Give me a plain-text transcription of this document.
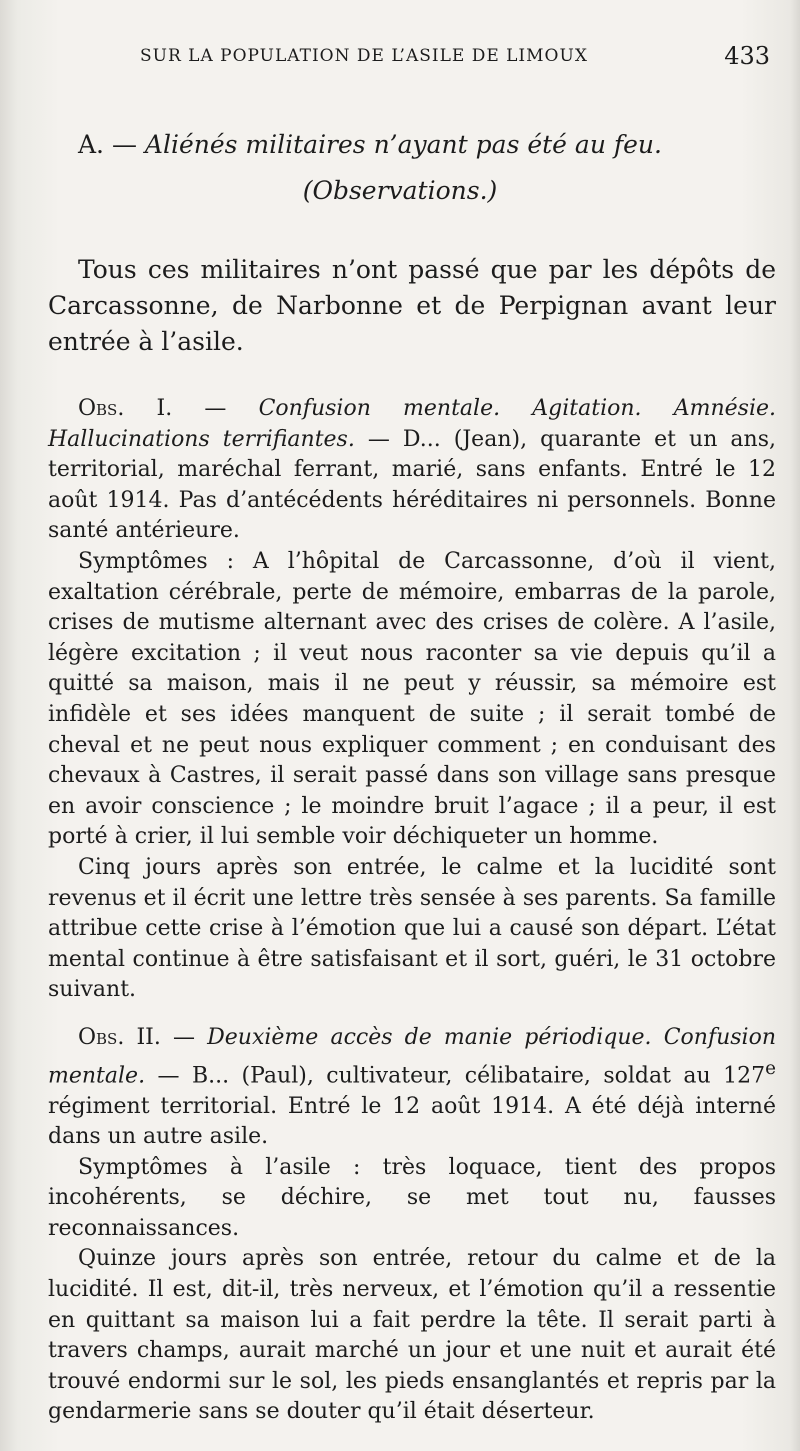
SUR LA POPULATION DE L’ASILE DE LIMOUX	433
A. — Aliénés militaires n’ayant pas été au feu.
(Observations.)

Tous ces militaires n’ont passé que par les dépôts de Carcassonne, de Narbonne et de Perpignan avant leur entrée à l’asile.

Obs. I. — Confusion mentale. Agitation. Amnésie. Hallucinations terrifiantes. — D... (Jean), quarante et un ans, territorial, maréchal ferrant, marié, sans enfants. Entré le 12 août 1914. Pas d’antécédents héréditaires ni personnels. Bonne santé antérieure.

Symptômes : A l’hôpital de Carcassonne, d’où il vient, exaltation cérébrale, perte de mémoire, embarras de la parole, crises de mutisme alternant avec des crises de colère. A l’asile, légère excitation ; il veut nous raconter sa vie depuis qu’il a quitté sa maison, mais il ne peut y réussir, sa mémoire est infidèle et ses idées manquent de suite ; il serait tombé de cheval et ne peut nous expliquer comment ; en conduisant des chevaux à Castres, il serait passé dans son village sans presque en avoir conscience ; le moindre bruit l’agace ; il a peur, il est porté à crier, il lui semble voir déchiqueter un homme.

Cinq jours après son entrée, le calme et la lucidité sont revenus et il écrit une lettre très sensée à ses parents. Sa famille attribue cette crise à l’émotion que lui a causé son départ. L’état mental continue à être satisfaisant et il sort, guéri, le 31 octobre suivant.

Obs. II. — Deuxième accès de manie périodique. Confusion mentale. — B... (Paul), cultivateur, célibataire, soldat au 127e régiment territorial. Entré le 12 août 1914. A été déjà interné dans un autre asile.

Symptômes à l’asile : très loquace, tient des propos incohérents, se déchire, se met tout nu, fausses reconnaissances.

Quinze jours après son entrée, retour du calme et de la lucidité. Il est, dit-il, très nerveux, et l’émotion qu’il a ressentie en quittant sa maison lui a fait perdre la tête. Il serait parti à travers champs, aurait marché un jour et une nuit et aurait été trouvé endormi sur le sol, les pieds ensanglantés et repris par la gendarmerie sans se douter qu’il était déserteur.
